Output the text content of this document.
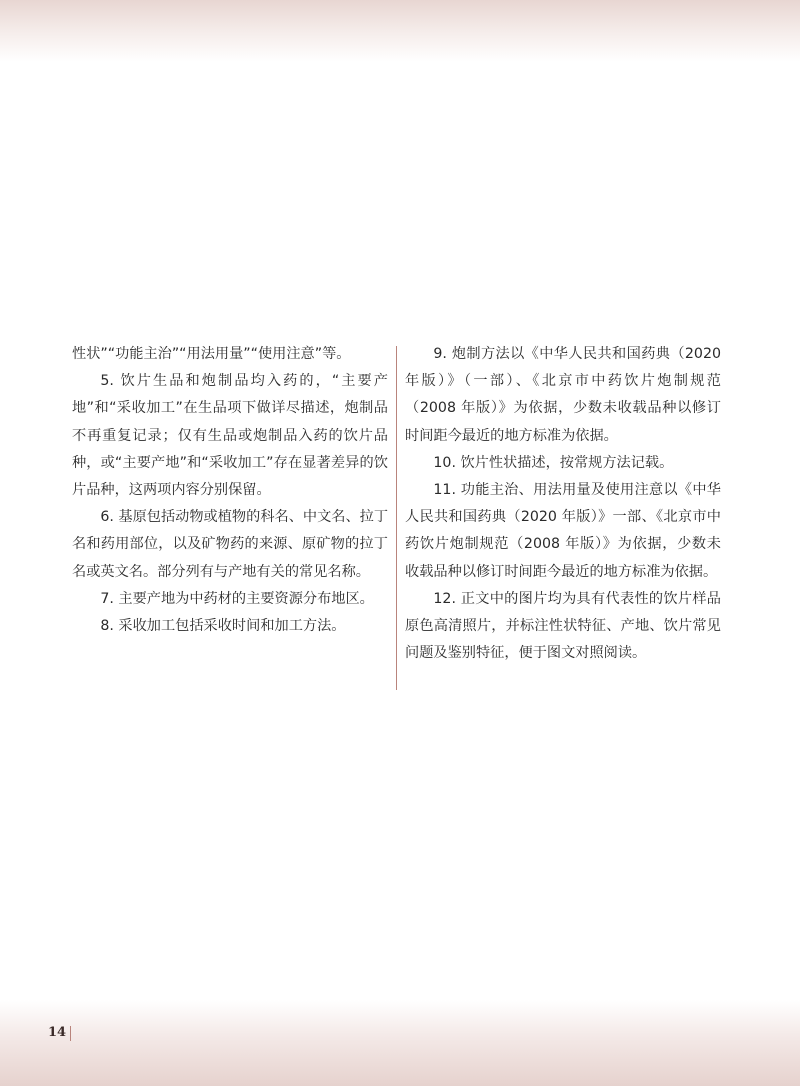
性状”“功能主治”“用法用量”“使用注意”等。

5. 饮片生品和炮制品均入药的，“主要产地”和“采收加工”在生品项下做详尽描述，炮制品不再重复记录；仅有生品或炮制品入药的饮片品种，或“主要产地”和“采收加工”存在显著差异的饮片品种，这两项内容分别保留。

6. 基原包括动物或植物的科名、中文名、拉丁名和药用部位，以及矿物药的来源、原矿物的拉丁名或英文名。部分列有与产地有关的常见名称。

7. 主要产地为中药材的主要资源分布地区。

8. 采收加工包括采收时间和加工方法。

9. 炮制方法以《中华人民共和国药典（2020 年版）》（一部）、《北京市中药饮片炮制规范（2008 年版）》为依据，少数未收载品种以修订时间距今最近的地方标准为依据。

10. 饮片性状描述，按常规方法记载。

11. 功能主治、用法用量及使用注意以《中华人民共和国药典（2020 年版）》一部、《北京市中药饮片炮制规范（2008 年版）》为依据，少数未收载品种以修订时间距今最近的地方标准为依据。

12. 正文中的图片均为具有代表性的饮片样品原色高清照片，并标注性状特征、产地、饮片常见问题及鉴别特征，便于图文对照阅读。

14
